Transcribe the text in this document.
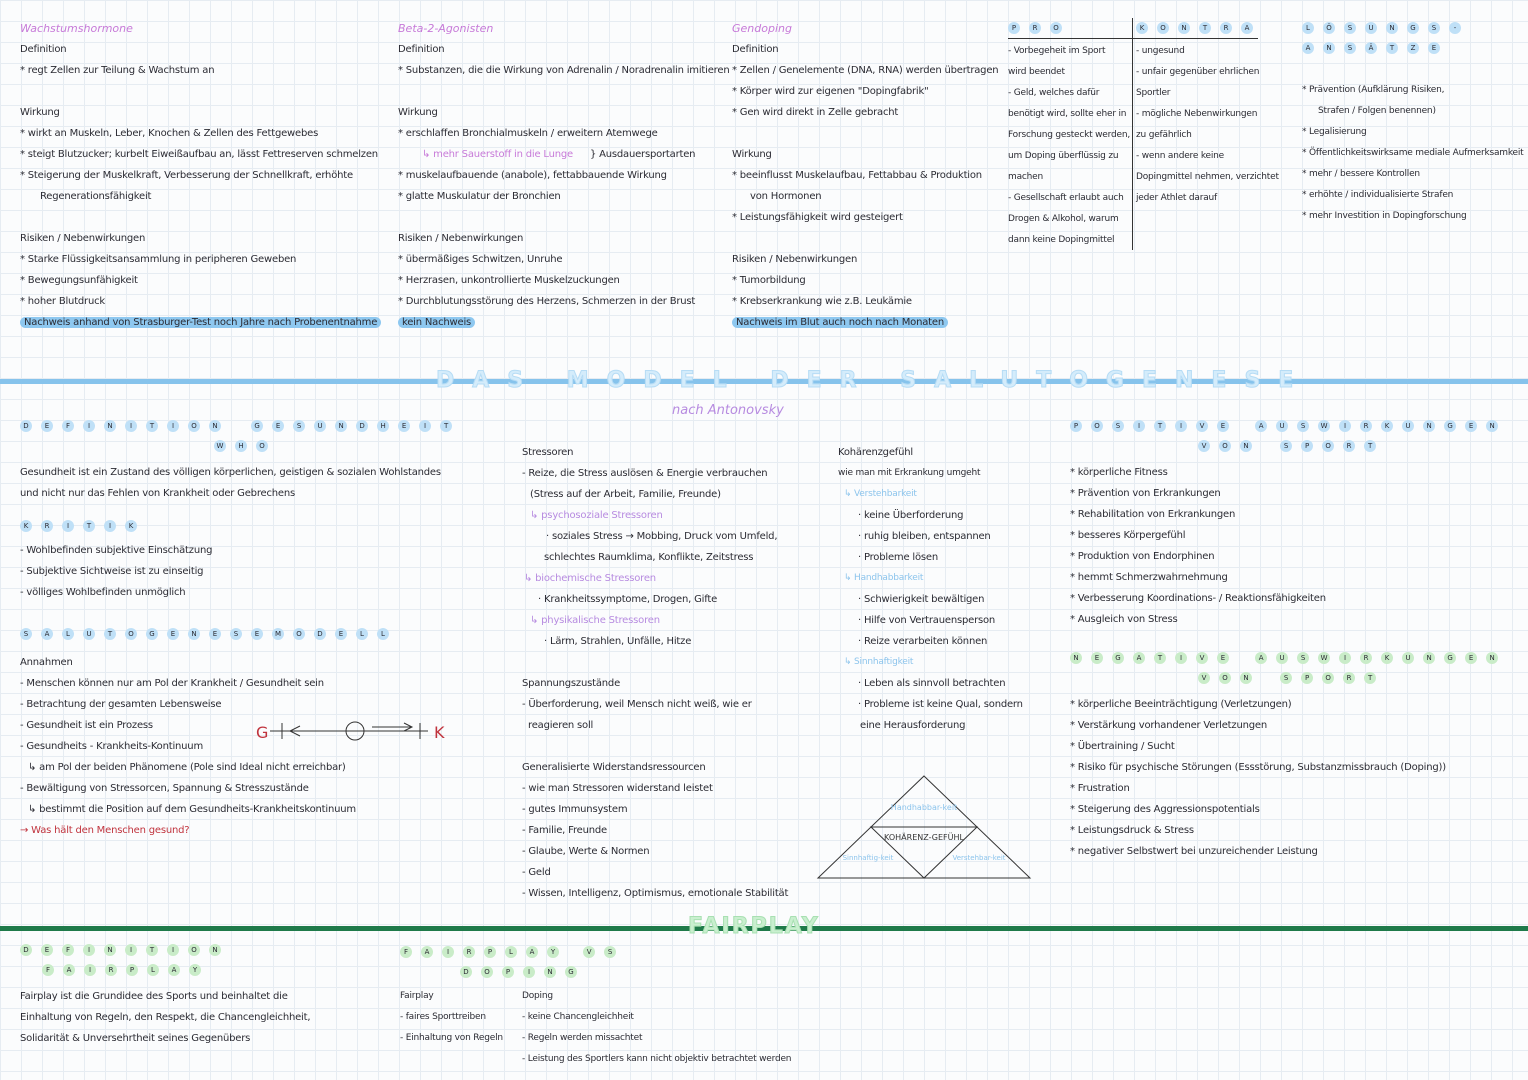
Wachstumshormone
Definition
* regt Zellen zur Teilung & Wachstum an
Wirkung
* wirkt an Muskeln, Leber, Knochen & Zellen des Fettgewebes
* steigt Blutzucker; kurbelt Eiweißaufbau an, lässt Fettreserven schmelzen
* Steigerung der Muskelkraft, Verbesserung der Schnellkraft, erhöhte
Regenerationsfähigkeit
Risiken / Nebenwirkungen
* Starke Flüssigkeitsansammlung in peripheren Geweben
* Bewegungsunfähigkeit
* hoher Blutdruck
Nachweis anhand von Strasburger-Test noch Jahre nach Probenentnahme
Beta-2-Agonisten
Definition
* Substanzen, die die Wirkung von Adrenalin / Noradrenalin imitieren
Wirkung
* erschlaffen Bronchialmuskeln / erweitern Atemwege
↳ mehr Sauerstoff in die Lunge } Ausdauersportarten
* muskelaufbauende (anabole), fettabbauende Wirkung
* glatte Muskulatur der Bronchien
Risiken / Nebenwirkungen
* übermäßiges Schwitzen, Unruhe
* Herzrasen, unkontrollierte Muskelzuckungen
* Durchblutungsstörung des Herzens, Schmerzen in der Brust
kein Nachweis
Gendoping
Definition
* Zellen / Genelemente (DNA, RNA) werden übertragen
* Körper wird zur eigenen "Dopingfabrik"
* Gen wird direkt in Zelle gebracht
Wirkung
* beeinflusst Muskelaufbau, Fettabbau & Produktion
von Hormonen
* Leistungsfähigkeit wird gesteigert
Risiken / Nebenwirkungen
* Tumorbildung
* Krebserkrankung wie z.B. Leukämie
Nachweis im Blut auch noch nach Monaten
P R O
- Vorbegeheit im Sport
wird beendet
- Geld, welches dafür
benötigt wird, sollte eher in
Forschung gesteckt werden,
um Doping überflüssig zu
machen
- Gesellschaft erlaubt auch
Drogen & Alkohol, warum
dann keine Dopingmittel
K O N T R A
- ungesund
- unfair gegenüber ehrlichen
Sportler
- mögliche Nebenwirkungen
zu gefährlich
- wenn andere keine
Dopingmittel nehmen, verzichtet
jeder Athlet darauf
L Ö S U N G S	-
A N S Ä T Z E
* Prävention (Aufklärung Risiken,
Strafen / Folgen benennen)
* Legalisierung
* Öffentlichkeitswirksame mediale Aufmerksamkeit
* mehr / bessere Kontrollen
* erhöhte / individualisierte Strafen
* mehr Investition in Dopingforschung
DAS MODEL DER SALUTOGENESE
nach Antonovsky
D E F	I N I	T	I O N	G E S U N D H E	I	T
W H O
Gesundheit ist ein Zustand des völligen körperlichen, geistigen & sozialen Wohlstandes
und nicht nur das Fehlen von Krankheit oder Gebrechens
K R	I	T	I	K
- Wohlbefinden subjektive Einschätzung
- Subjektive Sichtweise ist zu einseitig
- völliges Wohlbefinden unmöglich
S A L U T O G E N E S E M O D E L L
Annahmen
- Menschen können nur am Pol der Krankheit / Gesundheit sein
- Betrachtung der gesamten Lebensweise
- Gesundheit ist ein Prozess
- Gesundheits - Krankheits-Kontinuum
↳ am Pol der beiden Phänomene (Pole sind Ideal nicht erreichbar)
- Bewältigung von Stressorcen, Spannung & Stresszustände
↳ bestimmt die Position auf dem Gesundheits-Krankheitskontinuum
→ Was hält den Menschen gesund?
G	K
Stressoren
- Reize, die Stress auslösen & Energie verbrauchen
(Stress auf der Arbeit, Familie, Freunde)
↳ psychosoziale Stressoren
· soziales Stress → Mobbing, Druck vom Umfeld,
schlechtes Raumklima, Konflikte, Zeitstress
↳ biochemische Stressoren
· Krankheitssymptome, Drogen, Gifte
↳ physikalische Stressoren
· Lärm, Strahlen, Unfälle, Hitze
Spannungszustände
- Überforderung, weil Mensch nicht weiß, wie er
reagieren soll
Generalisierte Widerstandsressourcen
- wie man Stressoren widerstand leistet
- gutes Immunsystem
- Familie, Freunde
- Glaube, Werte & Normen
- Geld
- Wissen, Intelligenz, Optimismus, emotionale Stabilität
Kohärenzgefühl
wie man mit Erkrankung umgeht
↳ Verstehbarkeit
· keine Überforderung
· ruhig bleiben, entspannen
· Probleme lösen
↳ Handhabbarkeit
· Schwierigkeit bewältigen
· Hilfe von Vertrauensperson
· Reize verarbeiten können
↳ Sinnhaftigkeit
· Leben als sinnvoll betrachten
· Probleme ist keine Qual, sondern
eine Herausforderung
Handhabbar-keit
KOHÄRENZ-GEFÜHL
Sinnhaftig-keit	Verstehbar-keit
P O S	I	T	I	V E	A U S W I	R K U N G E N
V O N	S P O R T
* körperliche Fitness
* Prävention von Erkrankungen
* Rehabilitation von Erkrankungen
* besseres Körpergefühl
* Produktion von Endorphinen
* hemmt Schmerzwahrnehmung
* Verbesserung Koordinations- / Reaktionsfähigkeiten
* Ausgleich von Stress
N E G A T	I	V E	A U S W I	R K U N G E N
V O N	S P O R T
* körperliche Beeinträchtigung (Verletzungen)
* Verstärkung vorhandener Verletzungen
* Übertraining / Sucht
* Risiko für psychische Störungen (Essstörung, Substanzmissbrauch (Doping))
* Frustration
* Steigerung des Aggressionspotentials
* Leistungsdruck & Stress
* negativer Selbstwert bei unzureichender Leistung
FAIRPLAY
D E F	I N I	T	I O N
F A	I	R P L A Y
Fairplay ist die Grundidee des Sports und beinhaltet die
Einhaltung von Regeln, den Respekt, die Chancengleichheit,
Solidarität & Unversehrtheit seines Gegenübers
F A	I	R P L A Y	V S
D O P	I N G
Fairplay
- faires Sporttreiben
- Einhaltung von Regeln
Doping
- keine Chancengleichheit
- Regeln werden missachtet
- Leistung des Sportlers kann nicht objektiv betrachtet werden
